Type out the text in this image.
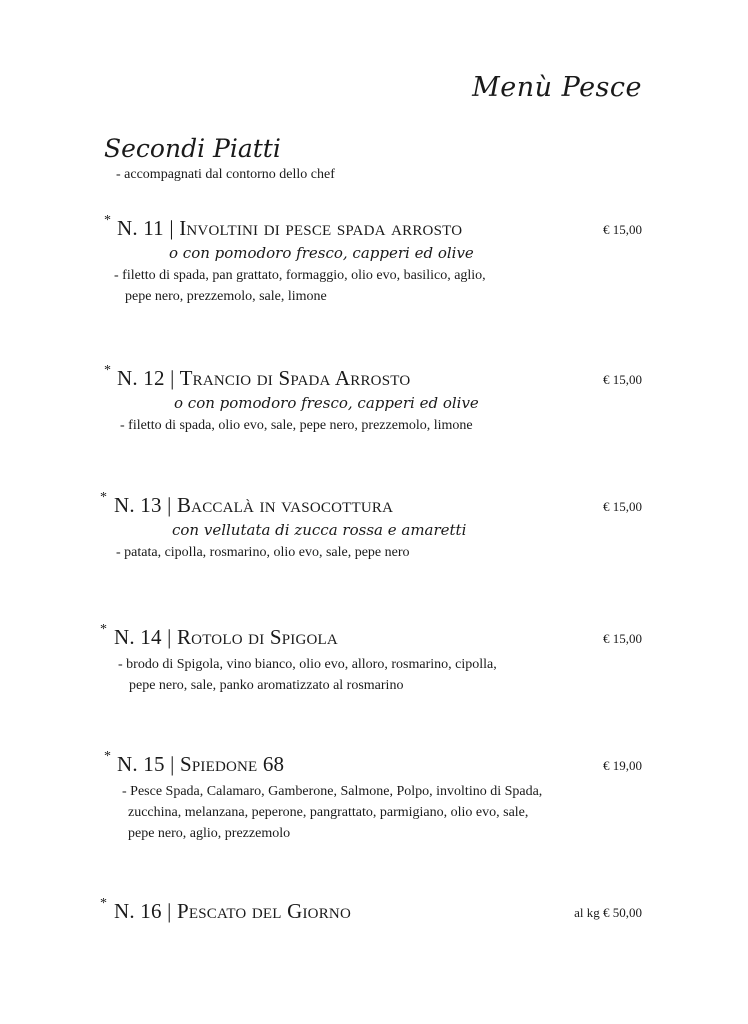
Menù Pesce
Secondi Piatti
- accompagnati dal contorno dello chef
* N. 11 | Involtini di pesce spada arrosto	€ 15,00
o con pomodoro fresco, capperi ed olive
- filetto di spada, pan grattato, formaggio, olio evo, basilico, aglio,
pepe nero, prezzemolo, sale, limone
* N. 12 | Trancio di Spada Arrosto	€ 15,00
o con pomodoro fresco, capperi ed olive
- filetto di spada, olio evo, sale, pepe nero, prezzemolo, limone
* N. 13 | Baccalà in vasocottura	€ 15,00
con vellutata di zucca rossa e amaretti
- patata, cipolla, rosmarino, olio evo, sale, pepe nero
* N. 14 | Rotolo di Spigola	€ 15,00
- brodo di Spigola, vino bianco, olio evo, alloro, rosmarino, cipolla,
pepe nero, sale, panko aromatizzato al rosmarino
* N. 15 | Spiedone 68	€ 19,00
- Pesce Spada, Calamaro, Gamberone, Salmone, Polpo, involtino di Spada,
zucchina, melanzana, peperone, pangrattato, parmigiano, olio evo, sale,
pepe nero, aglio, prezzemolo
* N. 16 | Pescato del Giorno	al kg € 50,00
